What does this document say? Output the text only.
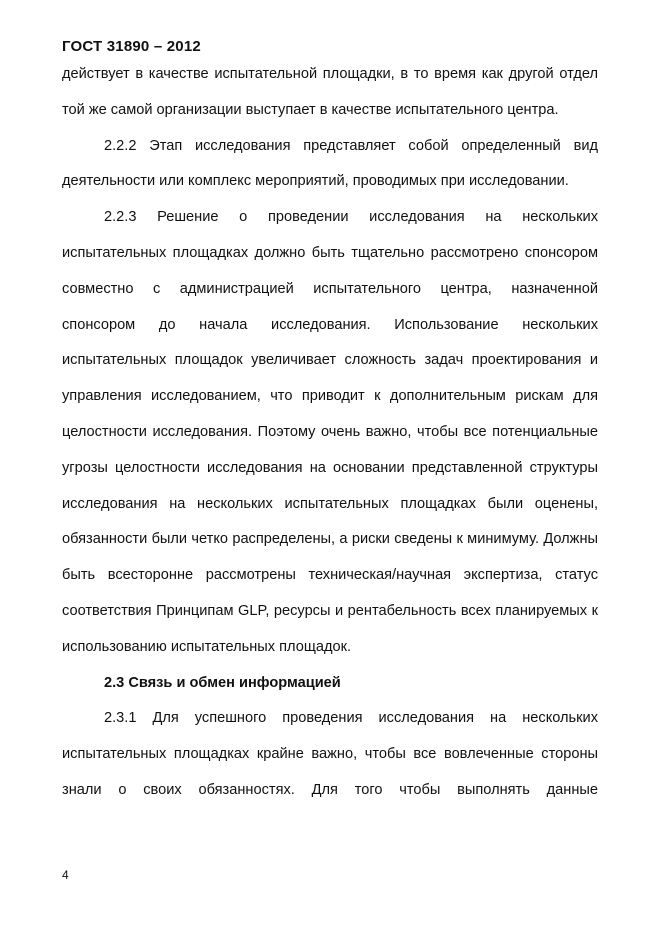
ГОСТ 31890 – 2012

действует в качестве испытательной площадки, в то время как другой отдел той же самой организации выступает в качестве испытательного центра.

2.2.2 Этап исследования представляет собой определенный вид деятельности или комплекс мероприятий, проводимых при исследовании.

2.2.3 Решение о проведении исследования на нескольких испытательных площадках должно быть тщательно рассмотрено спонсором совместно с администрацией испытательного центра, назначенной спонсором до начала исследования. Использование нескольких испытательных площадок увеличивает сложность задач проектирования и управления исследованием, что приводит к дополнительным рискам для целостности исследования. Поэтому очень важно, чтобы все потенциальные угрозы целостности исследования на основании представленной структуры исследования на нескольких испытательных площадках были оценены, обязанности были четко распределены, а риски сведены к минимуму. Должны быть всесторонне рассмотрены техническая/научная экспертиза, статус соответствия Принципам GLP, ресурсы и рентабельность всех планируемых к использованию испытательных площадок.

2.3 Связь и обмен информацией

2.3.1 Для успешного проведения исследования на нескольких испытательных площадках крайне важно, чтобы все вовлеченные стороны знали о своих обязанностях. Для того чтобы выполнять данные

4
